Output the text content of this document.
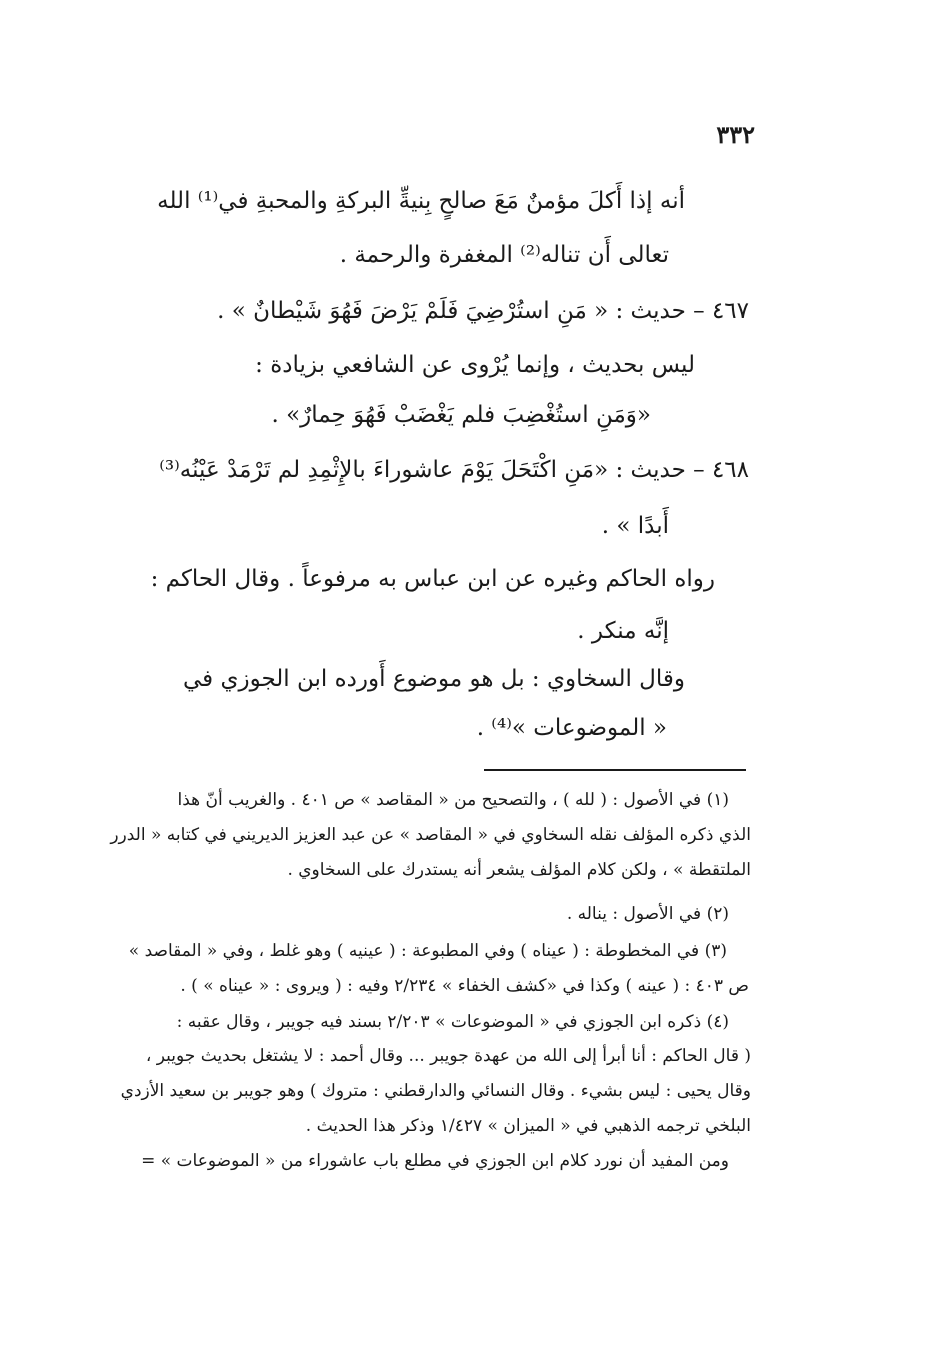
٣٣٢
أنه إذا أَكلَ مؤمنٌ مَعَ صالحٍ بِنيةِّ البركةِ والمحبةِ في⁽¹⁾ الله
تعالى أَن تناله⁽²⁾ المغفرة والرحمة .
٤٦٧ – حديث : « مَنِ استُرْضِيَ فَلَمْ يَرْضَ فَهُوَ شَيْطانٌ » .
ليس بحديث ، وإنما يُرْوى عن الشافعي بزيادة :
«وَمَنِ استُغْضِبَ فلم يَغْضَبْ فَهُوَ حِمارٌ» .
٤٦٨ – حديث : «مَنِ اكْتَحَلَ يَوْمَ عاشوراءَ بالإِثْمِدِ لم تَرْمَدْ عَيْنُه⁽³⁾
أَبدًا » .
رواه الحاكم وغيره عن ابن عباس به مرفوعاً . وقال الحاكم :
إنَّه منكر .
وقال السخاوي : بل هو موضوع أَورده ابن الجوزي في
« الموضوعات »⁽⁴⁾ .
(١) في الأصول : ( لله ) ، والتصحيح من « المقاصد » ص ٤٠١ . والغريب أنّ هذا
الذي ذكره المؤلف نقله السخاوي في « المقاصد » عن عبد العزيز الديريني في كتابه « الدرر
الملتقطة » ، ولكن كلام المؤلف يشعر أنه يستدرك على السخاوي .
(٢) في الأصول : يناله .
(٣) في المخطوطة : ( عيناه ) وفي المطبوعة : ( عينيه ) وهو غلط ، وفي « المقاصد »
ص ٤٠٣ : ( عينه ) وكذا في «كشف الخفاء » ٢/٢٣٤ وفيه : ( ويروى : « عيناه » ) .
(٤) ذكره ابن الجوزي في « الموضوعات » ٢/٢٠٣ بسند فيه جويبر ، وقال عقبه :
( قال الحاكم : أنا أبرأ إلى الله من عهدة جويبر ... وقال أحمد : لا يشتغل بحديث جويبر ،
وقال يحيى : ليس بشيء . وقال النسائي والدارقطني : متروك ) وهو جويبر بن سعيد الأزدي
البلخي ترجمه الذهبي في « الميزان » ١/٤٢٧ وذكر هذا الحديث .
ومن المفيد أن نورد كلام ابن الجوزي في مطلع باب عاشوراء من « الموضوعات » =
